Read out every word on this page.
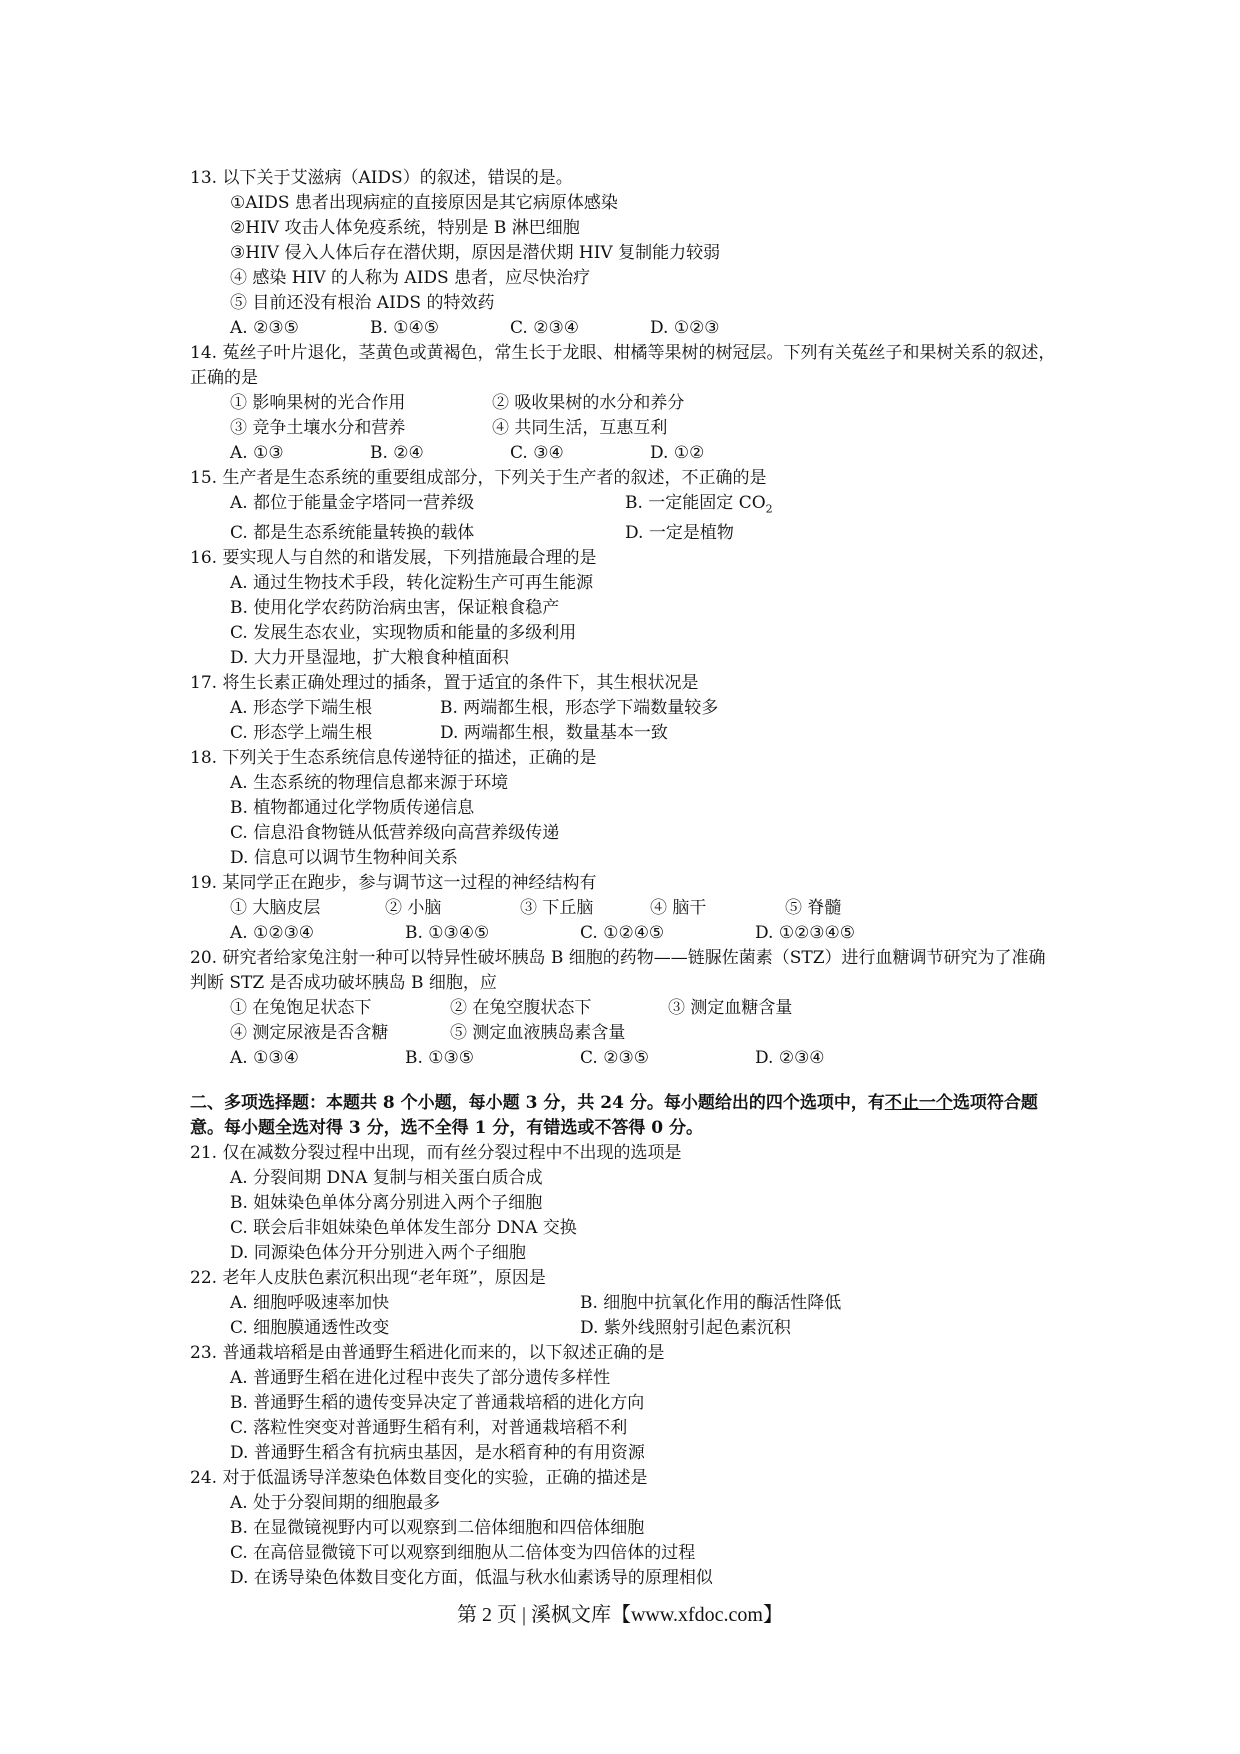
13. 以下关于艾滋病（AIDS）的叙述，错误的是。
①AIDS 患者出现病症的直接原因是其它病原体感染
②HIV 攻击人体免疫系统，特别是 B 淋巴细胞
③HIV 侵入人体后存在潜伏期，原因是潜伏期 HIV 复制能力较弱
④ 感染 HIV 的人称为 AIDS 患者，应尽快治疗
⑤ 目前还没有根治 AIDS 的特效药
A. ②③⑤	B. ①④⑤	C. ②③④	D. ①②③
14. 菟丝子叶片退化，茎黄色或黄褐色，常生长于龙眼、柑橘等果树的树冠层。下列有关菟丝子和果树关系的叙述，正确的是
① 影响果树的光合作用	② 吸收果树的水分和养分
③ 竞争土壤水分和营养	④ 共同生活，互惠互利
A. ①③	B. ②④	C. ③④	D. ①②
15. 生产者是生态系统的重要组成部分，下列关于生产者的叙述，不正确的是
A. 都位于能量金字塔同一营养级	B. 一定能固定 $CO_2$
C. 都是生态系统能量转换的载体	D. 一定是植物
16. 要实现人与自然的和谐发展，下列措施最合理的是
A. 通过生物技术手段，转化淀粉生产可再生能源
B. 使用化学农药防治病虫害，保证粮食稳产
C. 发展生态农业，实现物质和能量的多级利用
D. 大力开垦湿地，扩大粮食种植面积
17. 将生长素正确处理过的插条，置于适宜的条件下，其生根状况是
A. 形态学下端生根	B. 两端都生根，形态学下端数量较多
C. 形态学上端生根	D. 两端都生根，数量基本一致
18. 下列关于生态系统信息传递特征的描述，正确的是
A. 生态系统的物理信息都来源于环境
B. 植物都通过化学物质传递信息
C. 信息沿食物链从低营养级向高营养级传递
D. 信息可以调节生物种间关系
19. 某同学正在跑步，参与调节这一过程的神经结构有
① 大脑皮层	② 小脑	③ 下丘脑	④ 脑干	⑤ 脊髓
A. ①②③④	B. ①③④⑤	C. ①②④⑤	D. ①②③④⑤
20. 研究者给家兔注射一种可以特异性破坏胰岛 B 细胞的药物——链脲佐菌素（STZ）进行血糖调节研究为了准确判断 STZ 是否成功破坏胰岛 B 细胞，应
① 在兔饱足状态下	② 在兔空腹状态下	③ 测定血糖含量
④ 测定尿液是否含糖	⑤ 测定血液胰岛素含量
A. ①③④	B. ①③⑤	C. ②③⑤	D. ②③④
二、多项选择题：本题共 8 个小题，每小题 3 分，共 24 分。每小题给出的四个选项中，有不止一个选项符合题意。每小题全选对得 3 分，选不全得 1 分，有错选或不答得 0 分。
21. 仅在减数分裂过程中出现，而有丝分裂过程中不出现的选项是
A. 分裂间期 DNA 复制与相关蛋白质合成
B. 姐妹染色单体分离分别进入两个子细胞
C. 联会后非姐妹染色单体发生部分 DNA 交换
D. 同源染色体分开分别进入两个子细胞
22. 老年人皮肤色素沉积出现“老年斑”，原因是
A. 细胞呼吸速率加快	B. 细胞中抗氧化作用的酶活性降低
C. 细胞膜通透性改变	D. 紫外线照射引起色素沉积
23. 普通栽培稻是由普通野生稻进化而来的，以下叙述正确的是
A. 普通野生稻在进化过程中丧失了部分遗传多样性
B. 普通野生稻的遗传变异决定了普通栽培稻的进化方向
C. 落粒性突变对普通野生稻有利，对普通栽培稻不利
D. 普通野生稻含有抗病虫基因，是水稻育种的有用资源
24. 对于低温诱导洋葱染色体数目变化的实验，正确的描述是
A. 处于分裂间期的细胞最多
B. 在显微镜视野内可以观察到二倍体细胞和四倍体细胞
C. 在高倍显微镜下可以观察到细胞从二倍体变为四倍体的过程
D. 在诱导染色体数目变化方面，低温与秋水仙素诱导的原理相似
第 2 页 | 溪枫文库【www.xfdoc.com】
